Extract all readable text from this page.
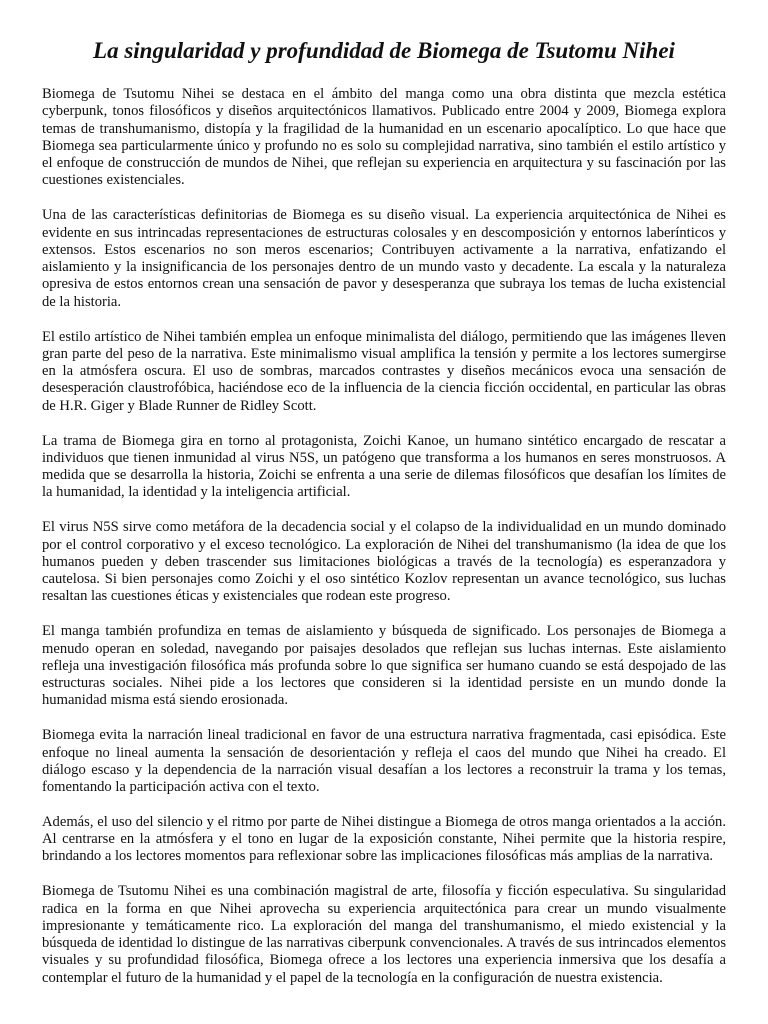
La singularidad y profundidad de Biomega de Tsutomu Nihei

Biomega de Tsutomu Nihei se destaca en el ámbito del manga como una obra distinta que mezcla estética cyberpunk, tonos filosóficos y diseños arquitectónicos llamativos. Publicado entre 2004 y 2009, Biomega explora temas de transhumanismo, distopía y la fragilidad de la humanidad en un escenario apocalíptico. Lo que hace que Biomega sea particularmente único y profundo no es solo su complejidad narrativa, sino también el estilo artístico y el enfoque de construcción de mundos de Nihei, que reflejan su experiencia en arquitectura y su fascinación por las cuestiones existenciales.

Una de las características definitorias de Biomega es su diseño visual. La experiencia arquitectónica de Nihei es evidente en sus intrincadas representaciones de estructuras colosales y en descomposición y entornos laberínticos y extensos. Estos escenarios no son meros escenarios; Contribuyen activamente a la narrativa, enfatizando el aislamiento y la insignificancia de los personajes dentro de un mundo vasto y decadente. La escala y la naturaleza opresiva de estos entornos crean una sensación de pavor y desesperanza que subraya los temas de lucha existencial de la historia.

El estilo artístico de Nihei también emplea un enfoque minimalista del diálogo, permitiendo que las imágenes lleven gran parte del peso de la narrativa. Este minimalismo visual amplifica la tensión y permite a los lectores sumergirse en la atmósfera oscura. El uso de sombras, marcados contrastes y diseños mecánicos evoca una sensación de desesperación claustrofóbica, haciéndose eco de la influencia de la ciencia ficción occidental, en particular las obras de H.R. Giger y Blade Runner de Ridley Scott.

La trama de Biomega gira en torno al protagonista, Zoichi Kanoe, un humano sintético encargado de rescatar a individuos que tienen inmunidad al virus N5S, un patógeno que transforma a los humanos en seres monstruosos. A medida que se desarrolla la historia, Zoichi se enfrenta a una serie de dilemas filosóficos que desafían los límites de la humanidad, la identidad y la inteligencia artificial.

El virus N5S sirve como metáfora de la decadencia social y el colapso de la individualidad en un mundo dominado por el control corporativo y el exceso tecnológico. La exploración de Nihei del transhumanismo (la idea de que los humanos pueden y deben trascender sus limitaciones biológicas a través de la tecnología) es esperanzadora y cautelosa. Si bien personajes como Zoichi y el oso sintético Kozlov representan un avance tecnológico, sus luchas resaltan las cuestiones éticas y existenciales que rodean este progreso.

El manga también profundiza en temas de aislamiento y búsqueda de significado. Los personajes de Biomega a menudo operan en soledad, navegando por paisajes desolados que reflejan sus luchas internas. Este aislamiento refleja una investigación filosófica más profunda sobre lo que significa ser humano cuando se está despojado de las estructuras sociales. Nihei pide a los lectores que consideren si la identidad persiste en un mundo donde la humanidad misma está siendo erosionada.

Biomega evita la narración lineal tradicional en favor de una estructura narrativa fragmentada, casi episódica. Este enfoque no lineal aumenta la sensación de desorientación y refleja el caos del mundo que Nihei ha creado. El diálogo escaso y la dependencia de la narración visual desafían a los lectores a reconstruir la trama y los temas, fomentando la participación activa con el texto.

Además, el uso del silencio y el ritmo por parte de Nihei distingue a Biomega de otros manga orientados a la acción. Al centrarse en la atmósfera y el tono en lugar de la exposición constante, Nihei permite que la historia respire, brindando a los lectores momentos para reflexionar sobre las implicaciones filosóficas más amplias de la narrativa.

Biomega de Tsutomu Nihei es una combinación magistral de arte, filosofía y ficción especulativa. Su singularidad radica en la forma en que Nihei aprovecha su experiencia arquitectónica para crear un mundo visualmente impresionante y temáticamente rico. La exploración del manga del transhumanismo, el miedo existencial y la búsqueda de identidad lo distingue de las narrativas ciberpunk convencionales. A través de sus intrincados elementos visuales y su profundidad filosófica, Biomega ofrece a los lectores una experiencia inmersiva que los desafía a contemplar el futuro de la humanidad y el papel de la tecnología en la configuración de nuestra existencia.
